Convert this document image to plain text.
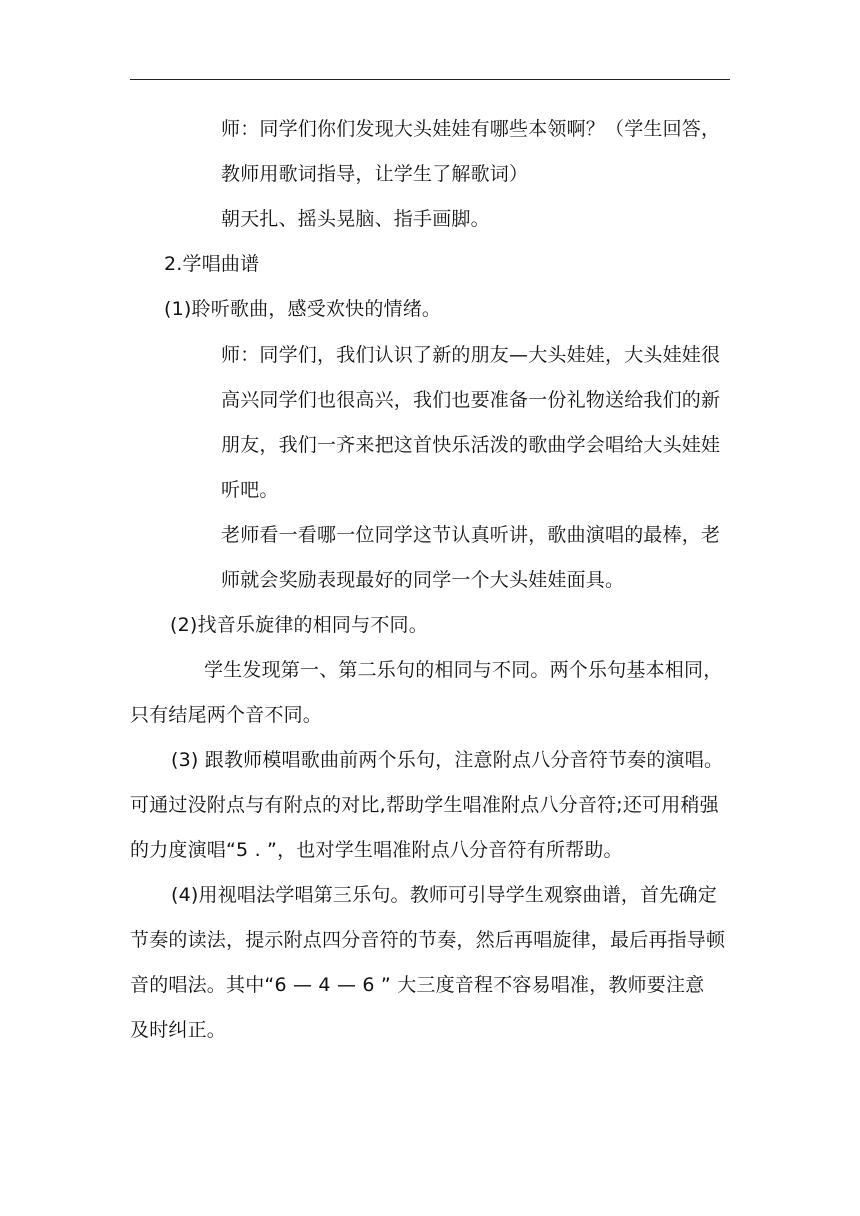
师：同学们你们发现大头娃娃有哪些本领啊？（学生回答，
教师用歌词指导，让学生了解歌词）
朝天扎、摇头晃脑、指手画脚。
2.学唱曲谱
(1)聆听歌曲，感受欢快的情绪。
师：同学们，我们认识了新的朋友—大头娃娃，大头娃娃很
高兴同学们也很高兴，我们也要准备一份礼物送给我们的新
朋友，我们一齐来把这首快乐活泼的歌曲学会唱给大头娃娃
听吧。
老师看一看哪一位同学这节认真听讲，歌曲演唱的最棒，老
师就会奖励表现最好的同学一个大头娃娃面具。
(2)找音乐旋律的相同与不同。
学生发现第一、第二乐句的相同与不同。两个乐句基本相同，
只有结尾两个音不同。
(3) 跟教师模唱歌曲前两个乐句，注意附点八分音符节奏的演唱。
可通过没附点与有附点的对比,帮助学生唱准附点八分音符;还可用稍强
的力度演唱“5 . ”，也对学生唱准附点八分音符有所帮助。
(4)用视唱法学唱第三乐句。教师可引导学生观察曲谱，首先确定
节奏的读法，提示附点四分音符的节奏，然后再唱旋律，最后再指导顿
音的唱法。其中“6 — 4 — 6 ” 大三度音程不容易唱准，教师要注意
及时纠正。
